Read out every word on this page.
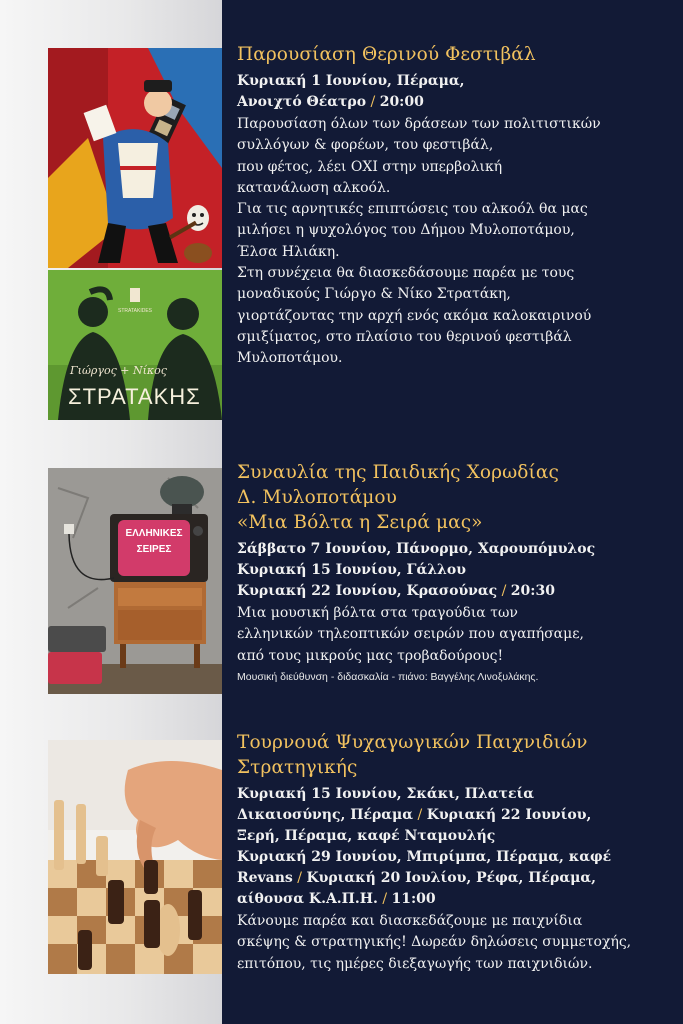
STRATAKIDES
Γιώργος + Νίκος
ΣΤΡΑΤΑΚΗΣ
ΕΛΛΗΝΙΚΕΣ
ΣΕΙΡΕΣ
Παρουσίαση Θερινού Φεστιβάλ
Κυριακή 1 Ιουνίου, Πέραμα,
Ανοιχτό Θέατρο / 20:00
Παρουσίαση όλων των δράσεων των πολιτιστικών
συλλόγων & φορέων, του φεστιβάλ,
που φέτος, λέει ΟΧΙ στην υπερβολική
κατανάλωση αλκοόλ.
Για τις αρνητικές επιπτώσεις του αλκοόλ θα μας
μιλήσει η ψυχολόγος του Δήμου Μυλοποτάμου,
Έλσα Ηλιάκη.
Στη συνέχεια θα διασκεδάσουμε παρέα με τους
μοναδικούς Γιώργο & Νίκο Στρατάκη,
γιορτάζοντας την αρχή ενός ακόμα καλοκαιρινού
σμιξίματος, στο πλαίσιο του θερινού φεστιβάλ
Μυλοποτάμου.
Συναυλία της Παιδικής Χορωδίας
Δ. Μυλοποτάμου
«Μια Βόλτα η Σειρά μας»
Σάββατο 7 Ιουνίου, Πάνορμο, Χαρουπόμυλος
Κυριακή 15 Ιουνίου, Γάλλου
Κυριακή 22 Ιουνίου, Κρασούνας / 20:30
Μια μουσική βόλτα στα τραγούδια των
ελληνικών τηλεοπτικών σειρών που αγαπήσαμε,
από τους μικρούς μας τροβαδούρους!
Μουσική διεύθυνση - διδασκαλία - πιάνο: Βαγγέλης Λινοξυλάκης.
Τουρνουά Ψυχαγωγικών Παιχνιδιών
Στρατηγικής
Κυριακή 15 Ιουνίου, Σκάκι, Πλατεία
Δικαιοσύνης, Πέραμα / Κυριακή 22 Ιουνίου,
Ξερή, Πέραμα, καφέ Νταμουλής
Κυριακή 29 Ιουνίου, Μπιρίμπα, Πέραμα, καφέ
Revans / Κυριακή 20 Ιουλίου, Ρέφα, Πέραμα,
αίθουσα Κ.Α.Π.Η. / 11:00
Κάνουμε παρέα και διασκεδάζουμε με παιχνίδια
σκέψης & στρατηγικής! Δωρεάν δηλώσεις συμμετοχής,
επιτόπου, τις ημέρες διεξαγωγής των παιχνιδιών.
